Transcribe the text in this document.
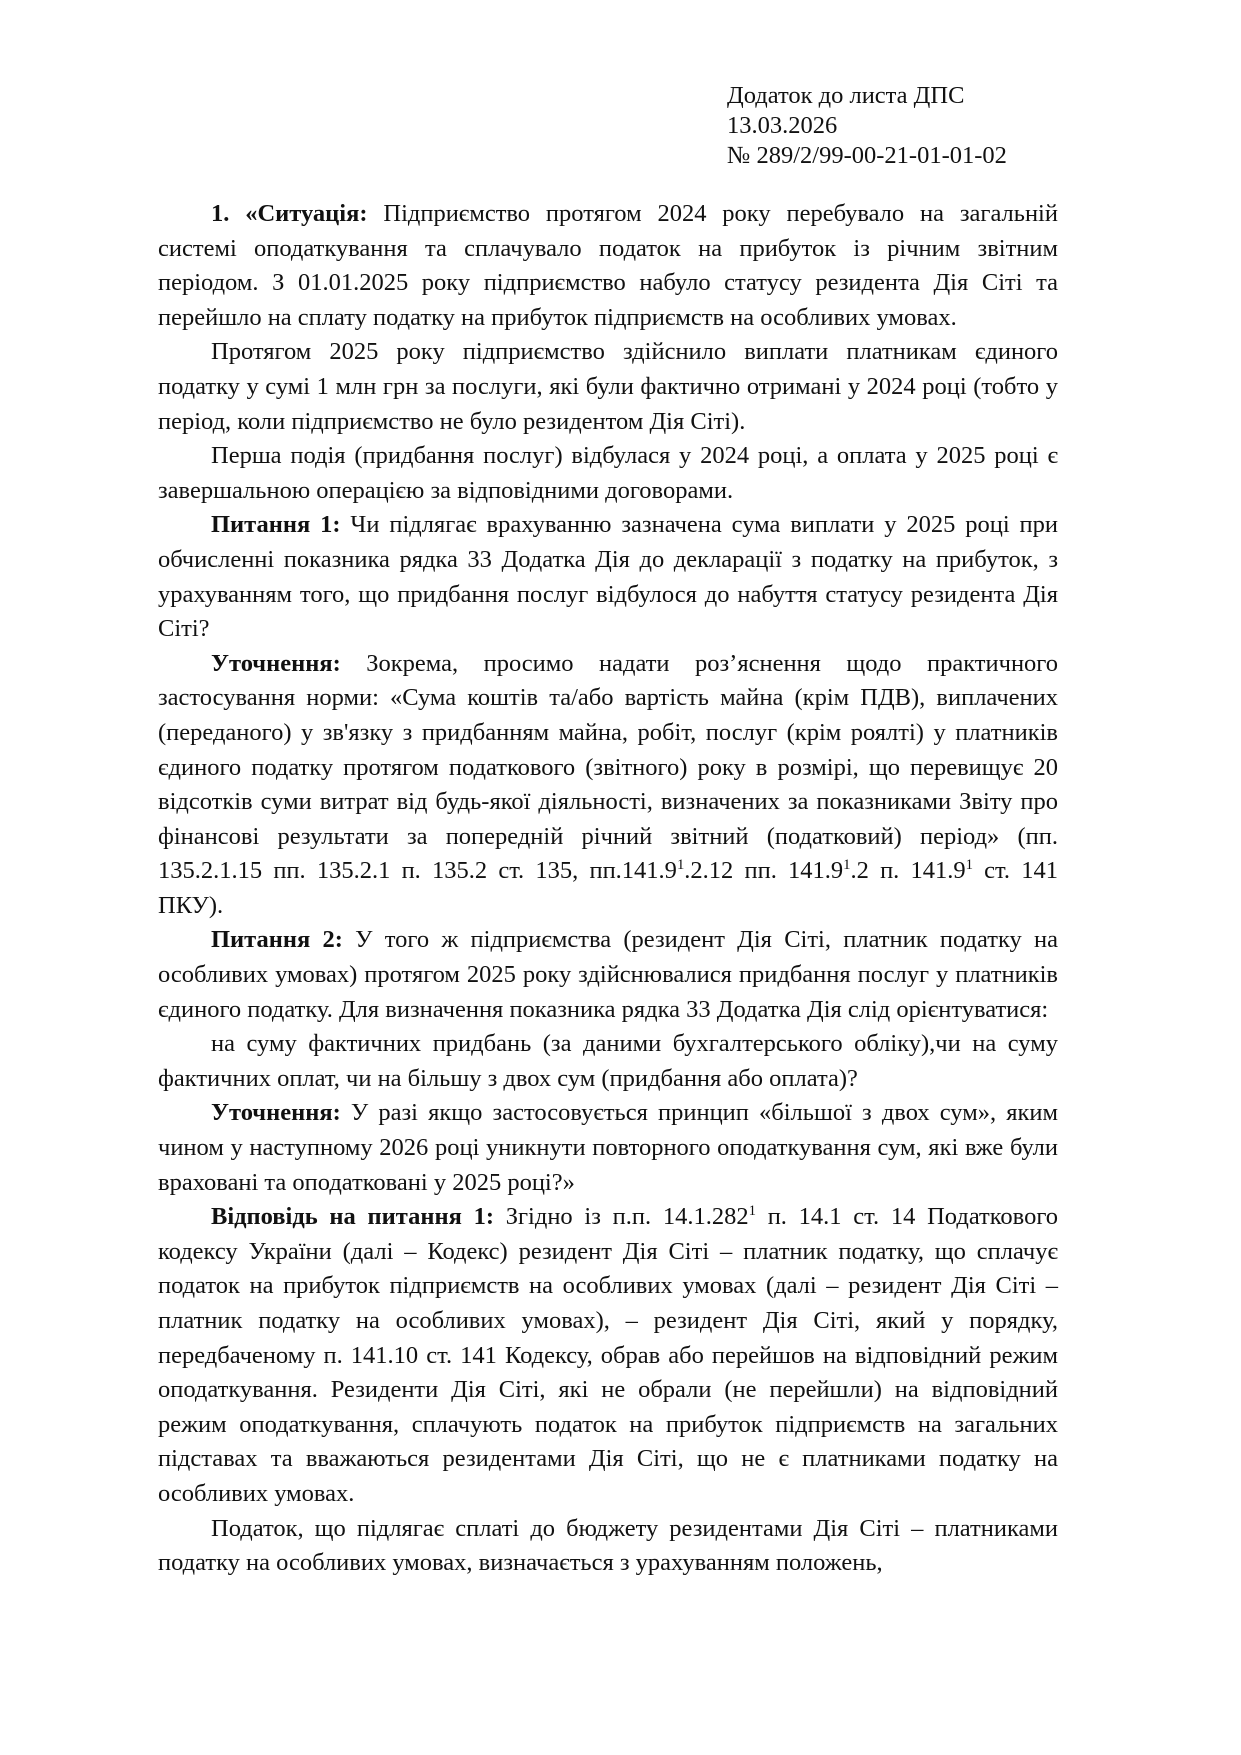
Додаток до листа ДПС
13.03.2026
№ 289/2/99-00-21-01-01-02

1. «Ситуація: Підприємство протягом 2024 року перебувало на загальній системі оподаткування та сплачувало податок на прибуток із річним звітним періодом. З 01.01.2025 року підприємство набуло статусу резидента Дія Сіті та перейшло на сплату податку на прибуток підприємств на особливих умовах.

Протягом 2025 року підприємство здійснило виплати платникам єдиного податку у сумі 1 млн грн за послуги, які були фактично отримані у 2024 році (тобто у період, коли підприємство не було резидентом Дія Сіті).

Перша подія (придбання послуг) відбулася у 2024 році, а оплата у 2025 році є завершальною операцією за відповідними договорами.

Питання 1: Чи підлягає врахуванню зазначена сума виплати у 2025 році при обчисленні показника рядка 33 Додатка Дія до декларації з податку на прибуток, з урахуванням того, що придбання послуг відбулося до набуття статусу резидента Дія Сіті?

Уточнення: Зокрема, просимо надати роз’яснення щодо практичного застосування норми: «Сума коштів та/або вартість майна (крім ПДВ), виплачених (переданого) у зв'язку з придбанням майна, робіт, послуг (крім роялті) у платників єдиного податку протягом податкового (звітного) року в розмірі, що перевищує 20 відсотків суми витрат від будь-якої діяльності, визначених за показниками Звіту про фінансові результати за попередній річний звітний (податковий) період» (пп. 135.2.1.15 пп. 135.2.1 п. 135.2 ст. 135, пп.141.9$^1$.2.12 пп. 141.9$^1$.2 п. 141.9$^1$ ст. 141 ПКУ).

Питання 2: У того ж підприємства (резидент Дія Сіті, платник податку на особливих умовах) протягом 2025 року здійснювалися придбання послуг у платників єдиного податку. Для визначення показника рядка 33 Додатка Дія слід орієнтуватися:

на суму фактичних придбань (за даними бухгалтерського обліку),чи на суму фактичних оплат, чи на більшу з двох сум (придбання або оплата)?

Уточнення: У разі якщо застосовується принцип «більшої з двох сум», яким чином у наступному 2026 році уникнути повторного оподаткування сум, які вже були враховані та оподатковані у 2025 році?»

Відповідь на питання 1: Згідно із п.п. 14.1.282$^1$ п. 14.1 ст. 14 Податкового кодексу України (далі – Кодекс) резидент Дія Сіті – платник податку, що сплачує податок на прибуток підприємств на особливих умовах (далі – резидент Дія Сіті – платник податку на особливих умовах), – резидент Дія Сіті, який у порядку, передбаченому п. 141.10 ст. 141 Кодексу, обрав або перейшов на відповідний режим оподаткування. Резиденти Дія Сіті, які не обрали (не перейшли) на відповідний режим оподаткування, сплачують податок на прибуток підприємств на загальних підставах та вважаються резидентами Дія Сіті, що не є платниками податку на особливих умовах.

Податок, що підлягає сплаті до бюджету резидентами Дія Сіті – платниками податку на особливих умовах, визначається з урахуванням положень,
